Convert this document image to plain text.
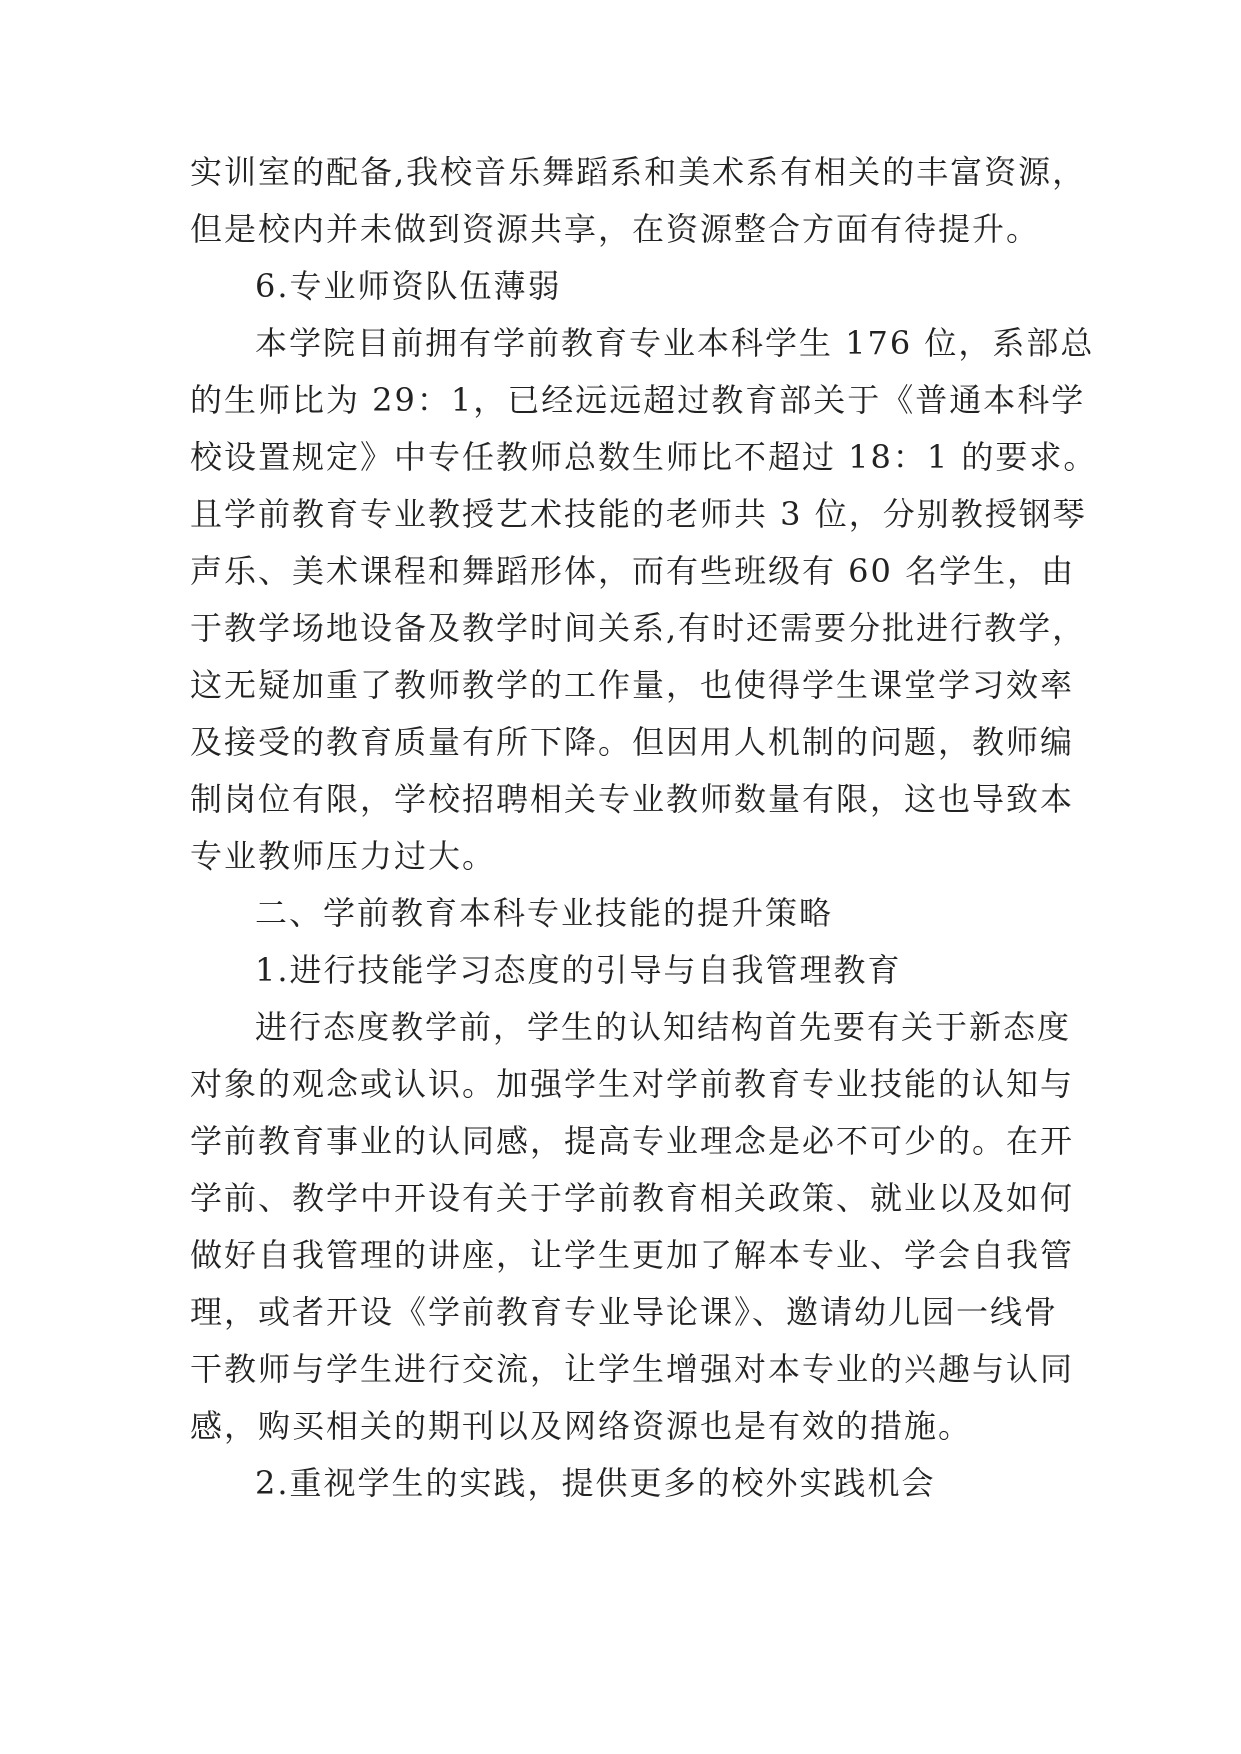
实训室的配备,我校音乐舞蹈系和美术系有相关的丰富资源，
但是校内并未做到资源共享，在资源整合方面有待提升。
6.专业师资队伍薄弱
本学院目前拥有学前教育专业本科学生 176 位，系部总
的生师比为 29：1，已经远远超过教育部关于《普通本科学
校设置规定》中专任教师总数生师比不超过 18：1 的要求。
且学前教育专业教授艺术技能的老师共 3 位，分别教授钢琴
声乐、美术课程和舞蹈形体，而有些班级有 60 名学生，由
于教学场地设备及教学时间关系,有时还需要分批进行教学，
这无疑加重了教师教学的工作量，也使得学生课堂学习效率
及接受的教育质量有所下降。但因用人机制的问题，教师编
制岗位有限，学校招聘相关专业教师数量有限，这也导致本
专业教师压力过大。
二、学前教育本科专业技能的提升策略
1.进行技能学习态度的引导与自我管理教育
进行态度教学前，学生的认知结构首先要有关于新态度
对象的观念或认识。加强学生对学前教育专业技能的认知与
学前教育事业的认同感，提高专业理念是必不可少的。在开
学前、教学中开设有关于学前教育相关政策、就业以及如何
做好自我管理的讲座，让学生更加了解本专业、学会自我管
理，或者开设《学前教育专业导论课》、邀请幼儿园一线骨
干教师与学生进行交流，让学生增强对本专业的兴趣与认同
感，购买相关的期刊以及网络资源也是有效的措施。
2.重视学生的实践，提供更多的校外实践机会
